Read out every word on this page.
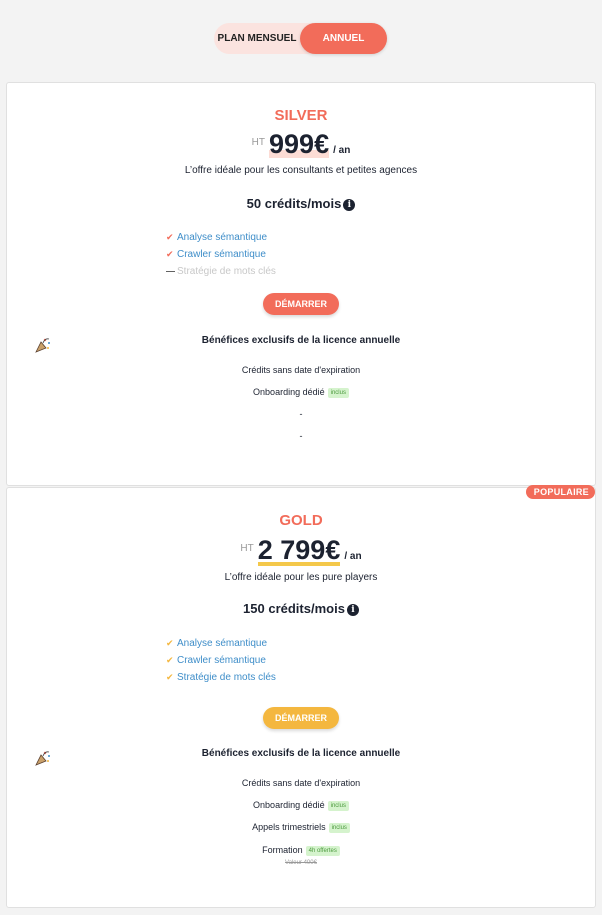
PLAN MENSUEL	ANNUEL
SILVER
$^{HT}$ 999€ / an
L’offre idéale pour les consultants et petites agences
50 crédits/mois i
✔ Analyse sémantique
✔ Crawler sémantique
— Stratégie de mots clés
DÉMARRER
Bénéfices exclusifs de la licence annuelle
Crédits sans date d'expiration
Onboarding dédié inclus
-
-
POPULAIRE
GOLD
$^{HT}$ 2 799€ / an
L’offre idéale pour les pure players
150 crédits/mois i
✔ Analyse sémantique
✔ Crawler sémantique
✔ Stratégie de mots clés
DÉMARRER
Bénéfices exclusifs de la licence annuelle
Crédits sans date d'expiration
Onboarding dédié inclus
Appels trimestriels inclus
Formation 4h offertes
Valeur 400€
